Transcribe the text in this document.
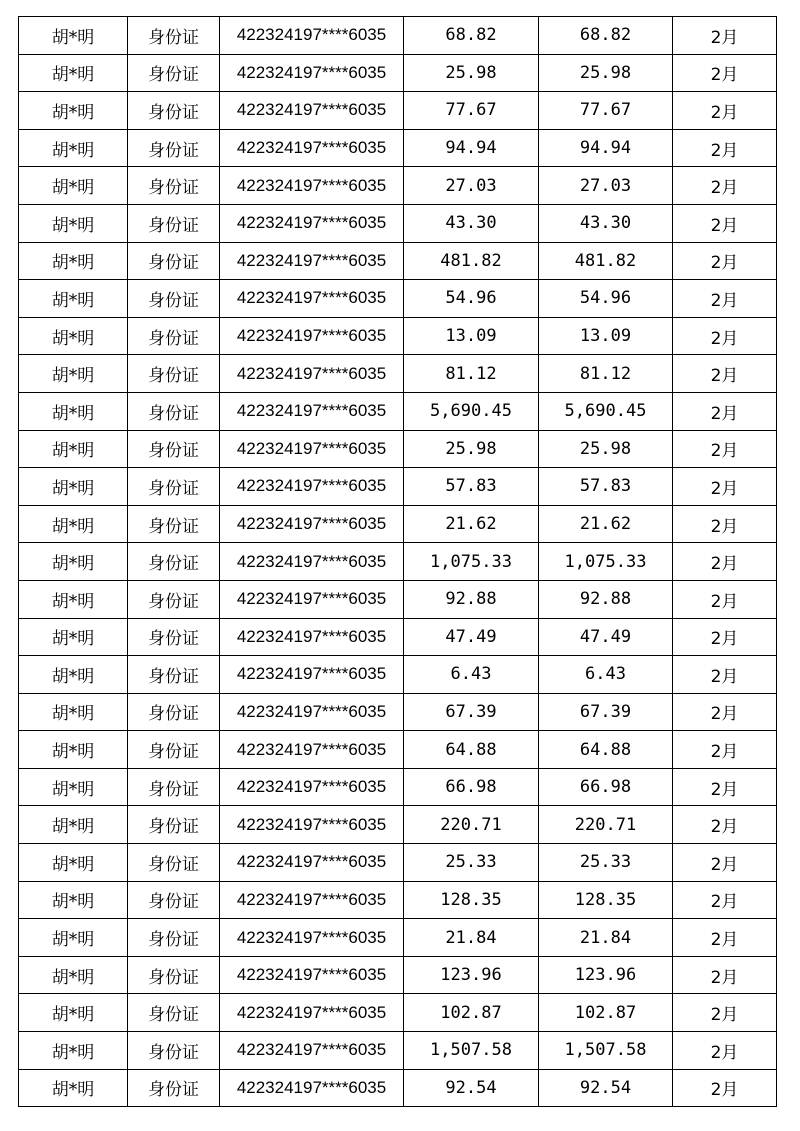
胡*明	身份证	422324197****6035	68.82	68.82	2月
胡*明	身份证	422324197****6035	25.98	25.98	2月
胡*明	身份证	422324197****6035	77.67	77.67	2月
胡*明	身份证	422324197****6035	94.94	94.94	2月
胡*明	身份证	422324197****6035	27.03	27.03	2月
胡*明	身份证	422324197****6035	43.30	43.30	2月
胡*明	身份证	422324197****6035	481.82	481.82	2月
胡*明	身份证	422324197****6035	54.96	54.96	2月
胡*明	身份证	422324197****6035	13.09	13.09	2月
胡*明	身份证	422324197****6035	81.12	81.12	2月
胡*明	身份证	422324197****6035	5,690.45	5,690.45	2月
胡*明	身份证	422324197****6035	25.98	25.98	2月
胡*明	身份证	422324197****6035	57.83	57.83	2月
胡*明	身份证	422324197****6035	21.62	21.62	2月
胡*明	身份证	422324197****6035	1,075.33	1,075.33	2月
胡*明	身份证	422324197****6035	92.88	92.88	2月
胡*明	身份证	422324197****6035	47.49	47.49	2月
胡*明	身份证	422324197****6035	6.43	6.43	2月
胡*明	身份证	422324197****6035	67.39	67.39	2月
胡*明	身份证	422324197****6035	64.88	64.88	2月
胡*明	身份证	422324197****6035	66.98	66.98	2月
胡*明	身份证	422324197****6035	220.71	220.71	2月
胡*明	身份证	422324197****6035	25.33	25.33	2月
胡*明	身份证	422324197****6035	128.35	128.35	2月
胡*明	身份证	422324197****6035	21.84	21.84	2月
胡*明	身份证	422324197****6035	123.96	123.96	2月
胡*明	身份证	422324197****6035	102.87	102.87	2月
胡*明	身份证	422324197****6035	1,507.58	1,507.58	2月
胡*明	身份证	422324197****6035	92.54	92.54	2月
